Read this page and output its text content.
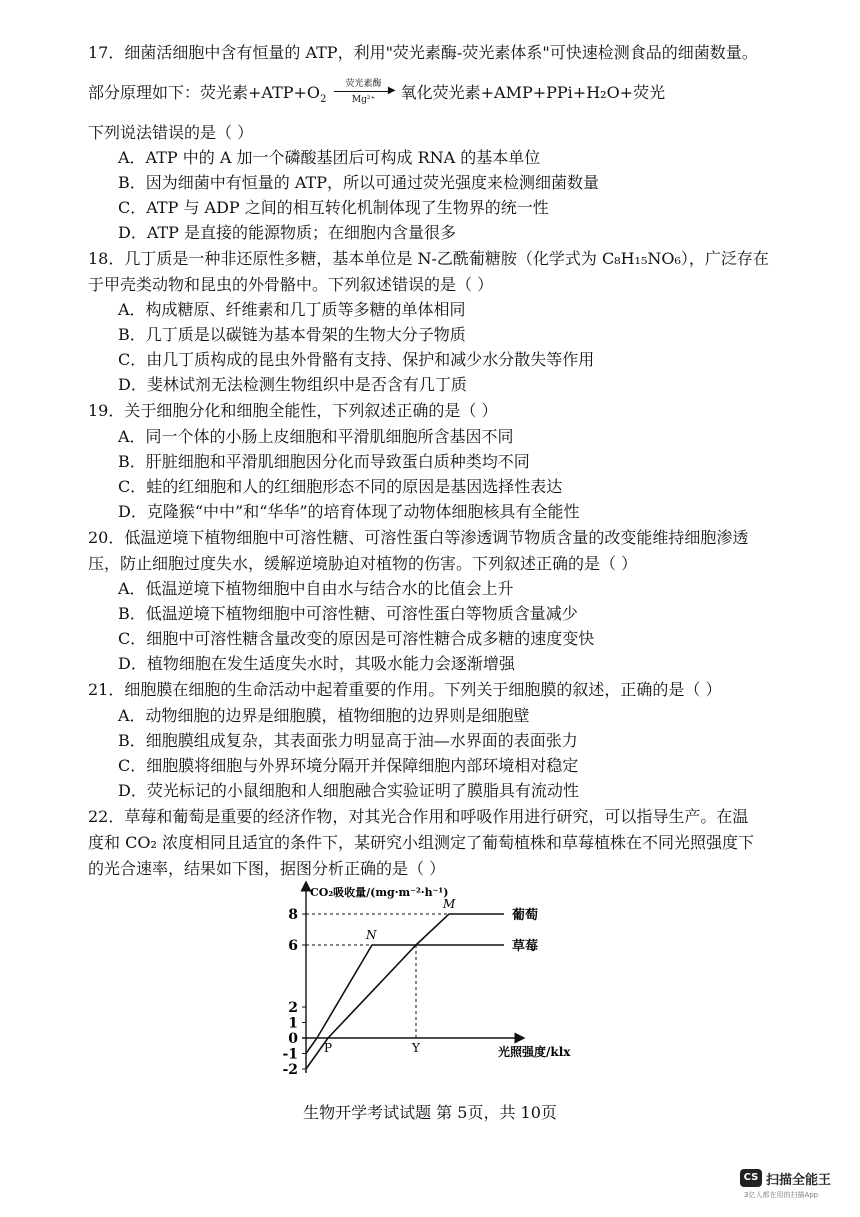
17．细菌活细胞中含有恒量的 ATP，利用"荧光素酶-荧光素体系"可快速检测食品的细菌数量。
部分原理如下：荧光素$+ATP+O_2$
荧光素酶
▶
Mg²⁺	氧化荧光素+AMP+PPi+H₂O+荧光
下列说法错误的是（ ）
A．ATP 中的 A 加一个磷酸基团后可构成 RNA 的基本单位
B．因为细菌中有恒量的 ATP，所以可通过荧光强度来检测细菌数量
C．ATP 与 ADP 之间的相互转化机制体现了生物界的统一性
D．ATP 是直接的能源物质；在细胞内含量很多
18．几丁质是一种非还原性多糖，基本单位是 N-乙酰葡糖胺（化学式为 C₈H₁₅NO₆），广泛存在
于甲壳类动物和昆虫的外骨骼中。下列叙述错误的是（ ）
A．构成糖原、纤维素和几丁质等多糖的单体相同
B．几丁质是以碳链为基本骨架的生物大分子物质
C．由几丁质构成的昆虫外骨骼有支持、保护和减少水分散失等作用
D．斐林试剂无法检测生物组织中是否含有几丁质
19．关于细胞分化和细胞全能性，下列叙述正确的是（ ）
A．同一个体的小肠上皮细胞和平滑肌细胞所含基因不同
B．肝脏细胞和平滑肌细胞因分化而导致蛋白质种类均不同
C．蛙的红细胞和人的红细胞形态不同的原因是基因选择性表达
D．克隆猴“中中”和“华华”的培育体现了动物体细胞核具有全能性
20．低温逆境下植物细胞中可溶性糖、可溶性蛋白等渗透调节物质含量的改变能维持细胞渗透
压，防止细胞过度失水，缓解逆境胁迫对植物的伤害。下列叙述正确的是（ ）
A．低温逆境下植物细胞中自由水与结合水的比值会上升
B．低温逆境下植物细胞中可溶性糖、可溶性蛋白等物质含量减少
C．细胞中可溶性糖含量改变的原因是可溶性糖合成多糖的速度变快
D．植物细胞在发生适度失水时，其吸水能力会逐渐增强
21．细胞膜在细胞的生命活动中起着重要的作用。下列关于细胞膜的叙述，正确的是（ ）
A．动物细胞的边界是细胞膜，植物细胞的边界则是细胞壁
B．细胞膜组成复杂，其表面张力明显高于油—水界面的表面张力
C．细胞膜将细胞与外界环境分隔开并保障细胞内部环境相对稳定
D．荧光标记的小鼠细胞和人细胞融合实验证明了膜脂具有流动性
22．草莓和葡萄是重要的经济作物，对其光合作用和呼吸作用进行研究，可以指导生产。在温
度和 CO₂ 浓度相同且适宜的条件下，某研究小组测定了葡萄植株和草莓植株在不同光照强度下
的光合速率，结果如下图，据图分析正确的是（ ）
CO₂吸收量/(mg·m⁻²·h⁻¹)
光照强度/klx
8
6
2
1
0
-1
-2
葡萄
草莓
M
N
P	Y
生物开学考试试题 第 5页，共 10页
CS 扫描全能王
3亿人都在用的扫描App
